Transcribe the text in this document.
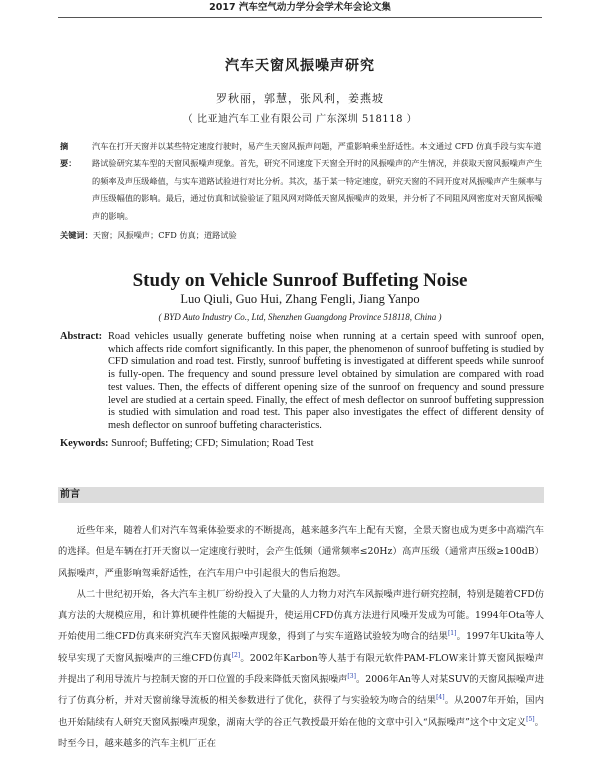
2017 汽车空气动力学分会学术年会论文集
汽车天窗风振噪声研究
罗秋丽，郭慧，张风利，姜燕坡
（ 比亚迪汽车工业有限公司 广东深圳 518118 ）
摘　要：
汽车在打开天窗并以某些特定速度行驶时，易产生天窗风振声问题，严重影响乘坐舒适性。本文通过 CFD 仿真手段与实车道路试验研究某车型的天窗风振噪声现象。首先，研究不同速度下天窗全开时的风振噪声的产生情况，并获取天窗风振噪声产生的频率及声压级峰值，与实车道路试验进行对比分析。其次，基于某一特定速度，研究天窗的不同开度对风振噪声产生频率与声压级幅值的影响。最后，通过仿真和试验验证了阻风网对降低天窗风振噪声的效果，并分析了不同阻风网密度对天窗风振噪声的影响。
关键词：天窗；风振噪声；CFD 仿真；道路试验
Study on Vehicle Sunroof Buffeting Noise
Luo Qiuli, Guo Hui, Zhang Fengli, Jiang Yanpo
( BYD Auto Industry Co., Ltd, Shenzhen Guangdong Province 518118, China )
Abstract: Road vehicles usually generate buffeting noise when running at a certain speed with sunroof open, which affects ride comfort significantly. In this paper, the phenomenon of sunroof buffeting is studied by CFD simulation and road test. Firstly, sunroof buffeting is investigated at different speeds while sunroof is fully-open. The frequency and sound pressure level obtained by simulation are compared with road test values. Then, the effects of different opening size of the sunroof on frequency and sound pressure level are studied at a certain speed. Finally, the effect of mesh deflector on sunroof buffeting suppression is studied with simulation and road test. This paper also investigates the effect of different density of mesh deflector on sunroof buffeting characteristics.
Keywords: Sunroof; Buffeting; CFD; Simulation; Road Test
前言

近些年来，随着人们对汽车驾乘体验要求的不断提高，越来越多汽车上配有天窗，全景天窗也成为更多中高端汽车的选择。但是车辆在打开天窗以一定速度行驶时，会产生低频（通常频率≤20Hz）高声压级（通常声压级≥100dB）风振噪声，严重影响驾乘舒适性，在汽车用户中引起很大的售后抱怨。

从二十世纪初开始，各大汽车主机厂纷纷投入了大量的人力物力对汽车风振噪声进行研究控制，特别是随着CFD仿真方法的大规模应用，和计算机硬件性能的大幅提升，使运用CFD仿真方法进行风噪开发成为可能。1994年Ota等人开始使用二维CFD仿真来研究汽车天窗风振噪声现象，得到了与实车道路试验较为吻合的结果[1]。1997年Ukita等人较早实现了天窗风振噪声的三维CFD仿真[2]。2002年Karbon等人基于有限元软件PAM-FLOW来计算天窗风振噪声并提出了利用导流片与控制天窗的开口位置的手段来降低天窗风振噪声[3]。2006年An等人对某SUV的天窗风振噪声进行了仿真分析，并对天窗前缘导流板的相关参数进行了优化，获得了与实验较为吻合的结果[4]。从2007年开始，国内也开始陆续有人研究天窗风振噪声现象，湖南大学的谷正气教授最开始在他的文章中引入“风振噪声”这个中文定义[5]。时至今日，越来越多的汽车主机厂正在
